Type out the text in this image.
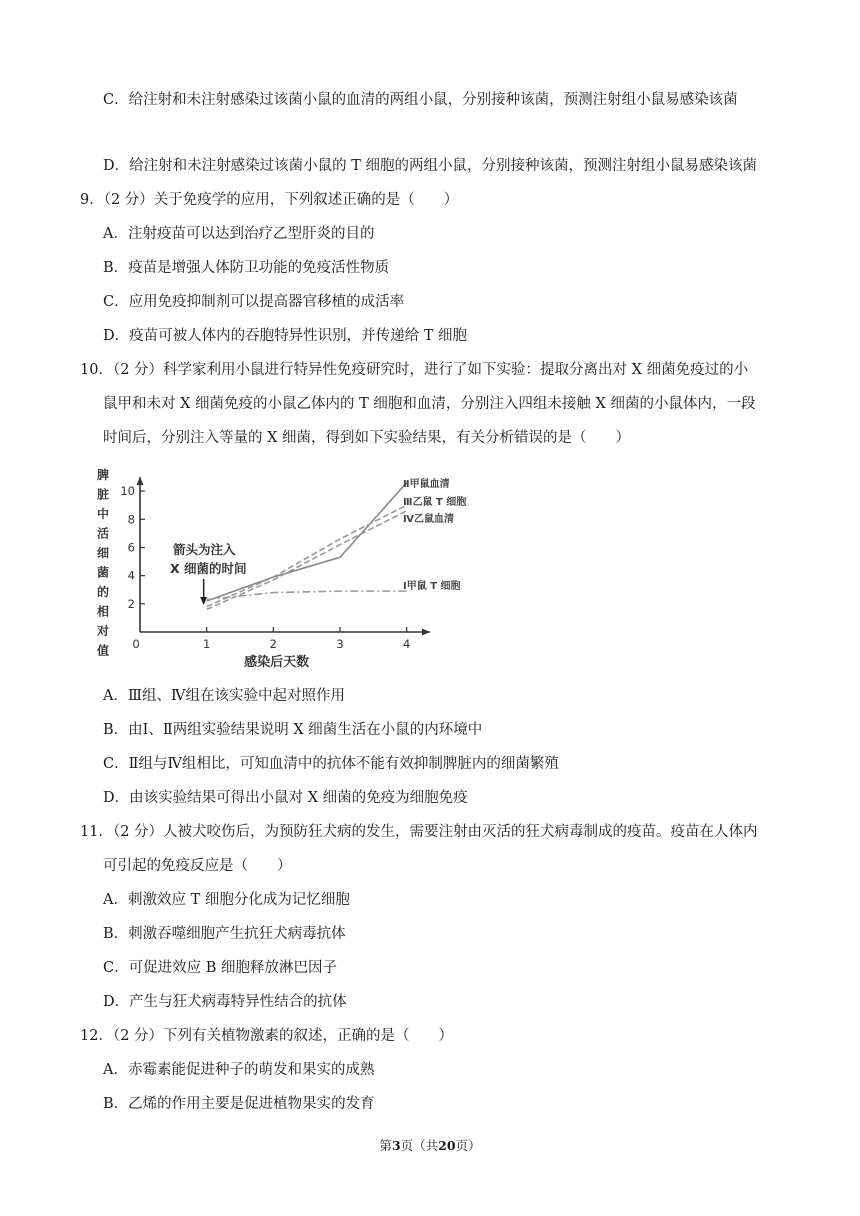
C．给注射和未注射感染过该菌小鼠的血清的两组小鼠，分别接种该菌，预测注射组小鼠易感染该菌
D．给注射和未注射感染过该菌小鼠的 T 细胞的两组小鼠，分别接种该菌，预测注射组小鼠易感染该菌
9．（2 分）关于免疫学的应用，下列叙述正确的是（　　）
A．注射疫苗可以达到治疗乙型肝炎的目的
B．疫苗是增强人体防卫功能的免疫活性物质
C．应用免疫抑制剂可以提高器官移植的成活率
D．疫苗可被人体内的吞胞特异性识别，并传递给 T 细胞
10．（2 分）科学家利用小鼠进行特异性免疫研究时，进行了如下实验：提取分离出对 X 细菌免疫过的小
鼠甲和未对 X 细菌免疫的小鼠乙体内的 T 细胞和血清，分别注入四组未接触 X 细菌的小鼠体内，一段
时间后，分别注入等量的 X 细菌，得到如下实验结果，有关分析错误的是（　　）
脾
脏
中
活
细
菌
的
相
对
值
2
4
6
8
10
0	1	2	3	4
感染后天数
箭头为注入
X 细菌的时间
Ⅱ甲鼠血清
Ⅲ乙鼠 T 细胞
Ⅳ乙鼠血清
Ⅰ甲鼠 T 细胞
A．Ⅲ组、Ⅳ组在该实验中起对照作用
B．由Ⅰ、Ⅱ两组实验结果说明 X 细菌生活在小鼠的内环境中
C．Ⅱ组与Ⅳ组相比，可知血清中的抗体不能有效抑制脾脏内的细菌繁殖
D．由该实验结果可得出小鼠对 X 细菌的免疫为细胞免疫
11．（2 分）人被犬咬伤后，为预防狂犬病的发生，需要注射由灭活的狂犬病毒制成的疫苗。疫苗在人体内
可引起的免疫反应是（　　）
A．刺激效应 T 细胞分化成为记忆细胞
B．刺激吞噬细胞产生抗狂犬病毒抗体
C．可促进效应 B 细胞释放淋巴因子
D．产生与狂犬病毒特异性结合的抗体
12．（2 分）下列有关植物激素的叙述，正确的是（　　）
A．赤霉素能促进种子的萌发和果实的成熟
B．乙烯的作用主要是促进植物果实的发育
第3页（共20页）
